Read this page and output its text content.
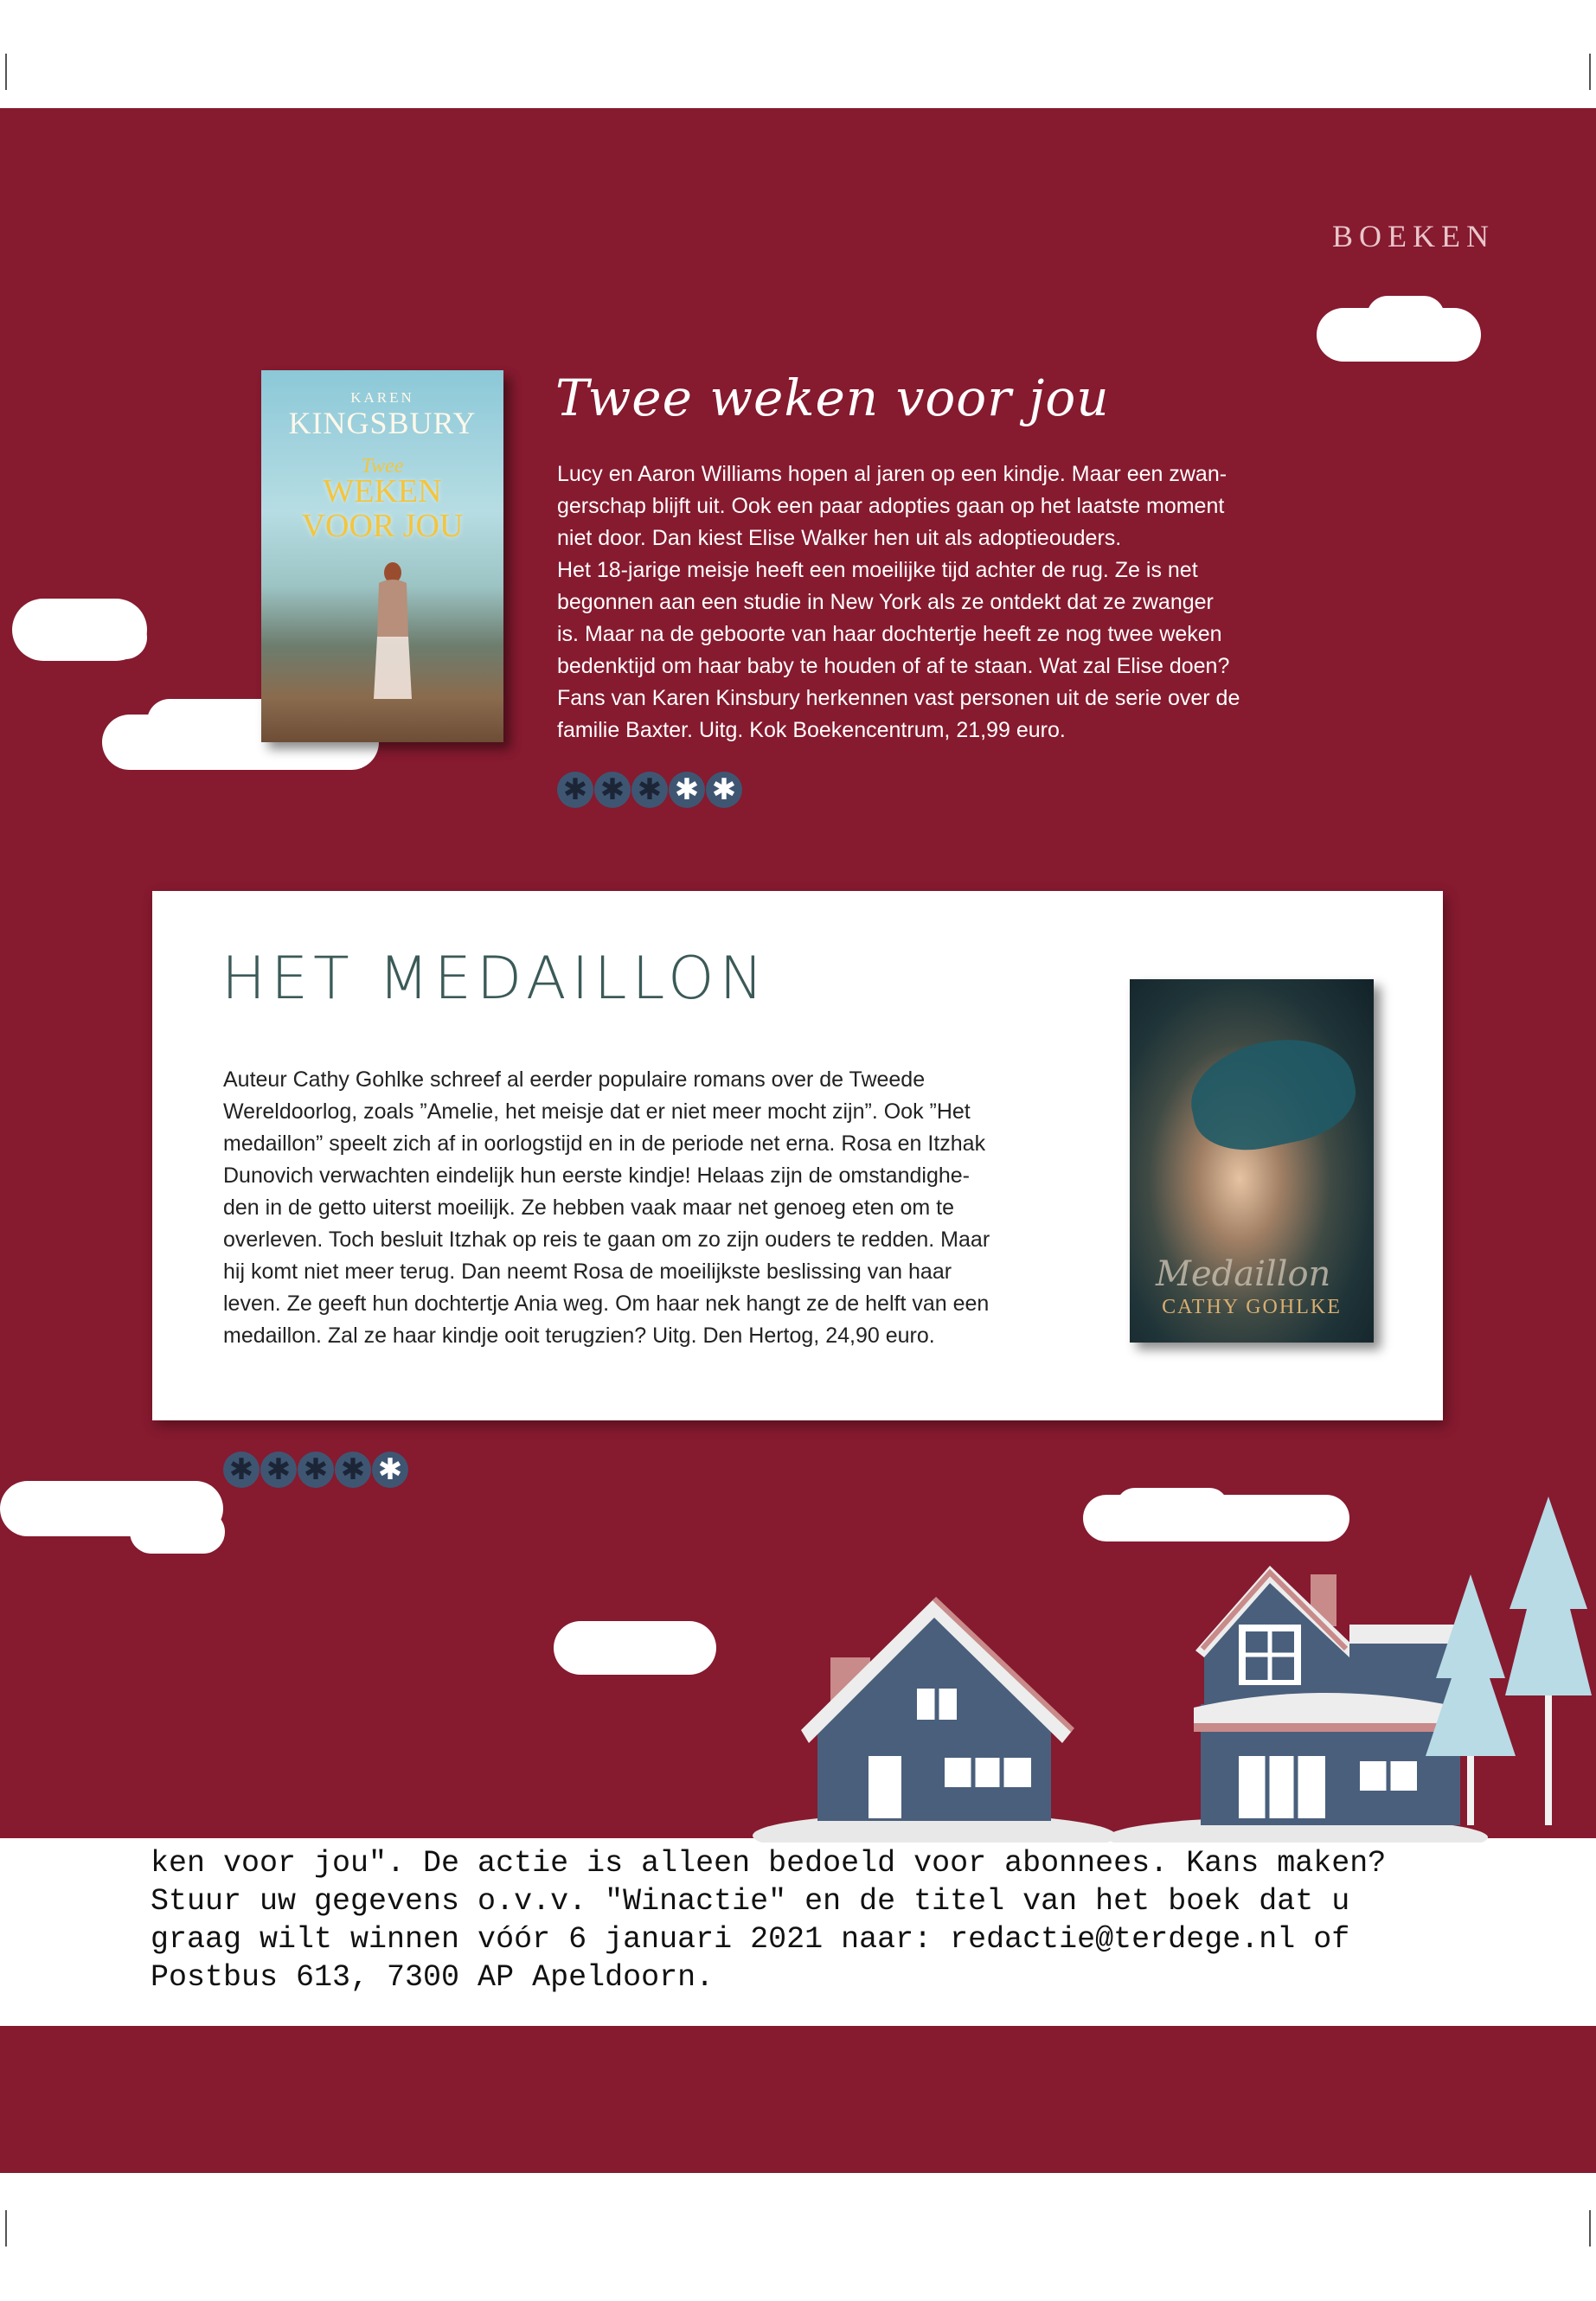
BOEKEN
KAREN
KINGSBURY
Twee
WEKEN
VOOR JOU
Twee weken voor jou

Lucy en Aaron Williams hopen al jaren op een kindje. Maar een zwan-
gerschap blijft uit. Ook een paar adopties gaan op het laatste moment
niet door. Dan kiest Elise Walker hen uit als adoptieouders.
Het 18-jarige meisje heeft een moeilijke tijd achter de rug. Ze is net
begonnen aan een studie in New York als ze ontdekt dat ze zwanger
is. Maar na de geboorte van haar dochtertje heeft ze nog twee weken
bedenktijd om haar baby te houden of af te staan. Wat zal Elise doen?
Fans van Karen Kinsbury herkennen vast personen uit de serie over de
familie Baxter. Uitg. Kok Boekencentrum, 21,99 euro.

✱ ✱ ✱ ✱ ✱
HET MEDAILLON

Auteur Cathy Gohlke schreef al eerder populaire romans over de Tweede
Wereldoorlog, zoals ”Amelie, het meisje dat er niet meer mocht zijn”. Ook ”Het
medaillon” speelt zich af in oorlogstijd en in de periode net erna. Rosa en Itzhak
Dunovich verwachten eindelijk hun eerste kindje! Helaas zijn de omstandighe-
den in de getto uiterst moeilijk. Ze hebben vaak maar net genoeg eten om te
overleven. Toch besluit Itzhak op reis te gaan om zo zijn ouders te redden. Maar
hij komt niet meer terug. Dan neemt Rosa de moeilijkste beslissing van haar
leven. Ze geeft hun dochtertje Ania weg. Om haar nek hangt ze de helft van een
medaillon. Zal ze haar kindje ooit terugzien? Uitg. Den Hertog, 24,90 euro.

Medaillon
CATHY GOHLKE
✱ ✱ ✱ ✱ ✱

ken voor jou". De actie is alleen bedoeld voor abonnees. Kans maken?
Stuur uw gegevens o.v.v. "Winactie" en de titel van het boek dat u
graag wilt winnen vóór 6 januari 2021 naar: redactie@terdege.nl of
Postbus 613, 7300 AP Apeldoorn.
